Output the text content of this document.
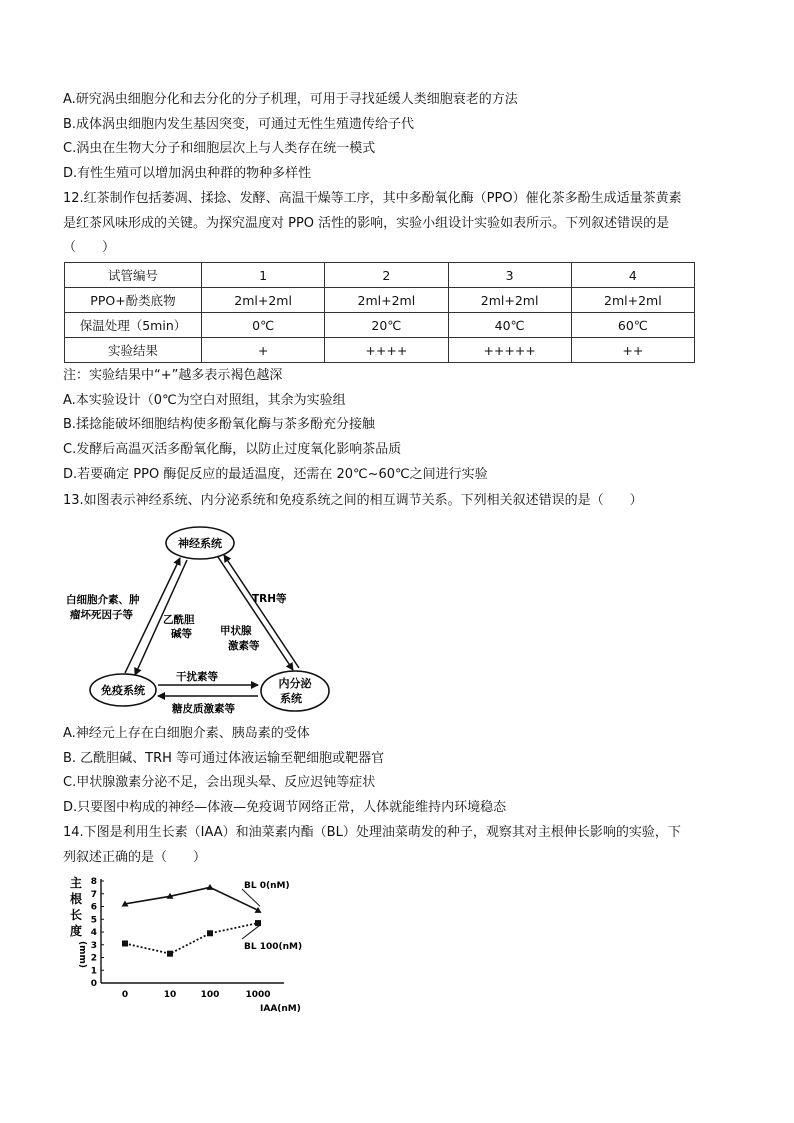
A.研究涡虫细胞分化和去分化的分子机理，可用于寻找延缓人类细胞衰老的方法
B.成体涡虫细胞内发生基因突变，可通过无性生殖遗传给子代
C.涡虫在生物大分子和细胞层次上与人类存在统一模式
D.有性生殖可以增加涡虫种群的物种多样性
12.红茶制作包括萎凋、揉捻、发酵、高温干燥等工序，其中多酚氧化酶（PPO）催化茶多酚生成适量茶黄素
是红茶风味形成的关键。为探究温度对 PPO 活性的影响，实验小组设计实验如表所示。下列叙述错误的是
（　　）
试管编号	1	2	3	4
PPO+酚类底物	2ml+2ml	2ml+2ml	2ml+2ml	2ml+2ml
保温处理（5min）	0℃	20℃	40℃	60℃
实验结果	+	++++	+++++	++
注：实验结果中“+”越多表示褐色越深
A.本实验设计（0℃为空白对照组，其余为实验组
B.揉捻能破坏细胞结构使多酚氧化酶与茶多酚充分接触
C.发酵后高温灭活多酚氧化酶，以防止过度氧化影响茶品质
D.若要确定 PPO 酶促反应的最适温度，还需在 20℃~60℃之间进行实验
13.如图表示神经系统、内分泌系统和免疫系统之间的相互调节关系。下列相关叙述错误的是（　　）
神经系统
免疫系统
内分泌
系统
白细胞介素、肿
瘤坏死因子等	乙酰胆
碱等
TRH等
甲状腺
激素等
干扰素等
糖皮质激素等
A.神经元上存在白细胞介素、胰岛素的受体
B. 乙酰胆碱、TRH 等可通过体液运输至靶细胞或靶器官
C.甲状腺激素分泌不足，会出现头晕、反应迟钝等症状
D.只要图中构成的神经—体液—免疫调节网络正常，人体就能维持内环境稳态
14.下图是利用生长素（IAA）和油菜素内酯（BL）处理油菜萌发的种子，观察其对主根伸长影响的实验，下
列叙述正确的是（　　）
主
根
长
度
(mm)
0
1
2
3
4
5
6
7
8
0	10	100	1000
BL 0(nM)
BL 100(nM)
IAA(nM)
